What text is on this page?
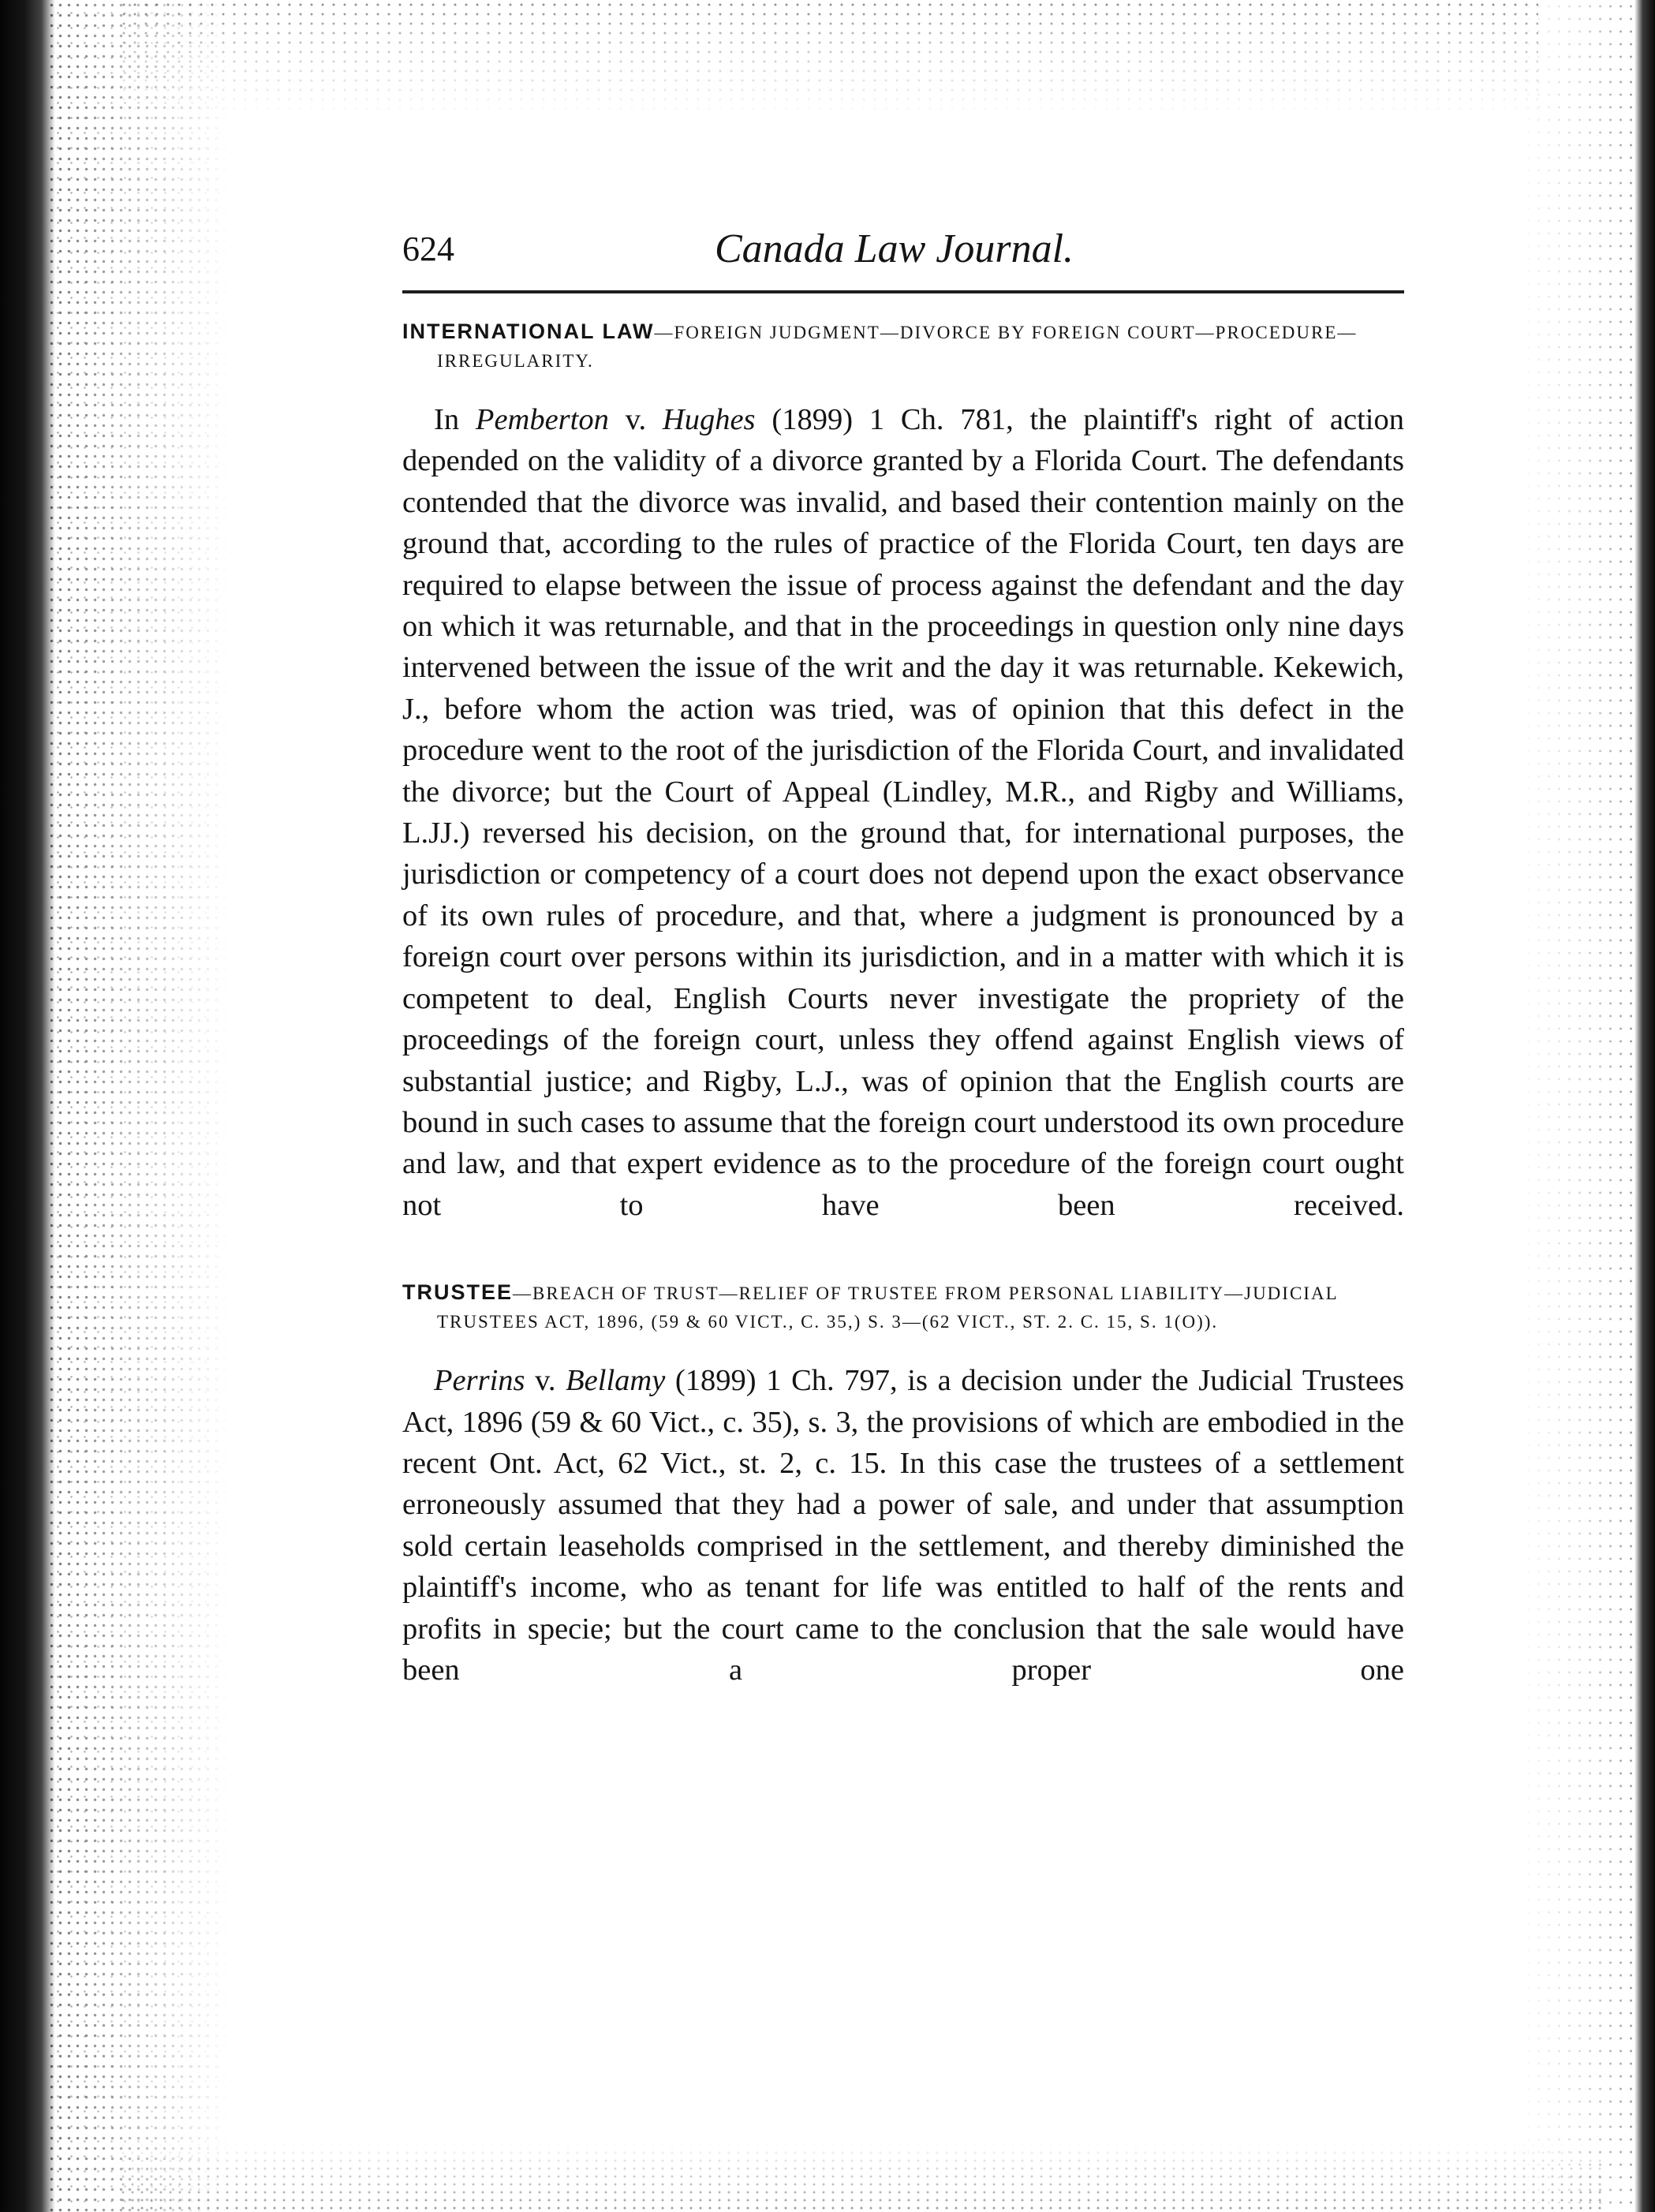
624	Canada Law Journal.
INTERNATIONAL LAW—FOREIGN JUDGMENT—DIVORCE BY FOREIGN COURT—PROCEDURE—IRREGULARITY.

In Pemberton v. Hughes (1899) 1 Ch. 781, the plaintiff's right of action depended on the validity of a divorce granted by a Florida Court. The defendants contended that the divorce was invalid, and based their contention mainly on the ground that, according to the rules of practice of the Florida Court, ten days are required to elapse between the issue of process against the defendant and the day on which it was returnable, and that in the proceedings in question only nine days intervened between the issue of the writ and the day it was returnable. Kekewich, J., before whom the action was tried, was of opinion that this defect in the procedure went to the root of the jurisdiction of the Florida Court, and invalidated the divorce; but the Court of Appeal (Lindley, M.R., and Rigby and Williams, L.JJ.) reversed his decision, on the ground that, for international purposes, the jurisdiction or competency of a court does not depend upon the exact observance of its own rules of procedure, and that, where a judgment is pronounced by a foreign court over persons within its jurisdiction, and in a matter with which it is competent to deal, English Courts never investigate the propriety of the proceedings of the foreign court, unless they offend against English views of substantial justice; and Rigby, L.J., was of opinion that the English courts are bound in such cases to assume that the foreign court understood its own procedure and law, and that expert evidence as to the procedure of the foreign court ought not to have been received.

TRUSTEE—BREACH OF TRUST—RELIEF OF TRUSTEE FROM PERSONAL LIABILITY—JUDICIAL TRUSTEES ACT, 1896, (59 & 60 VICT., C. 35,) S. 3—(62 VICT., ST. 2. C. 15, S. 1(O)).

Perrins v. Bellamy (1899) 1 Ch. 797, is a decision under the Judicial Trustees Act, 1896 (59 & 60 Vict., c. 35), s. 3, the provisions of which are embodied in the recent Ont. Act, 62 Vict., st. 2, c. 15. In this case the trustees of a settlement erroneously assumed that they had a power of sale, and under that assumption sold certain leaseholds comprised in the settlement, and thereby diminished the plaintiff's income, who as tenant for life was entitled to half of the rents and profits in specie; but the court came to the conclusion that the sale would have been a proper one
